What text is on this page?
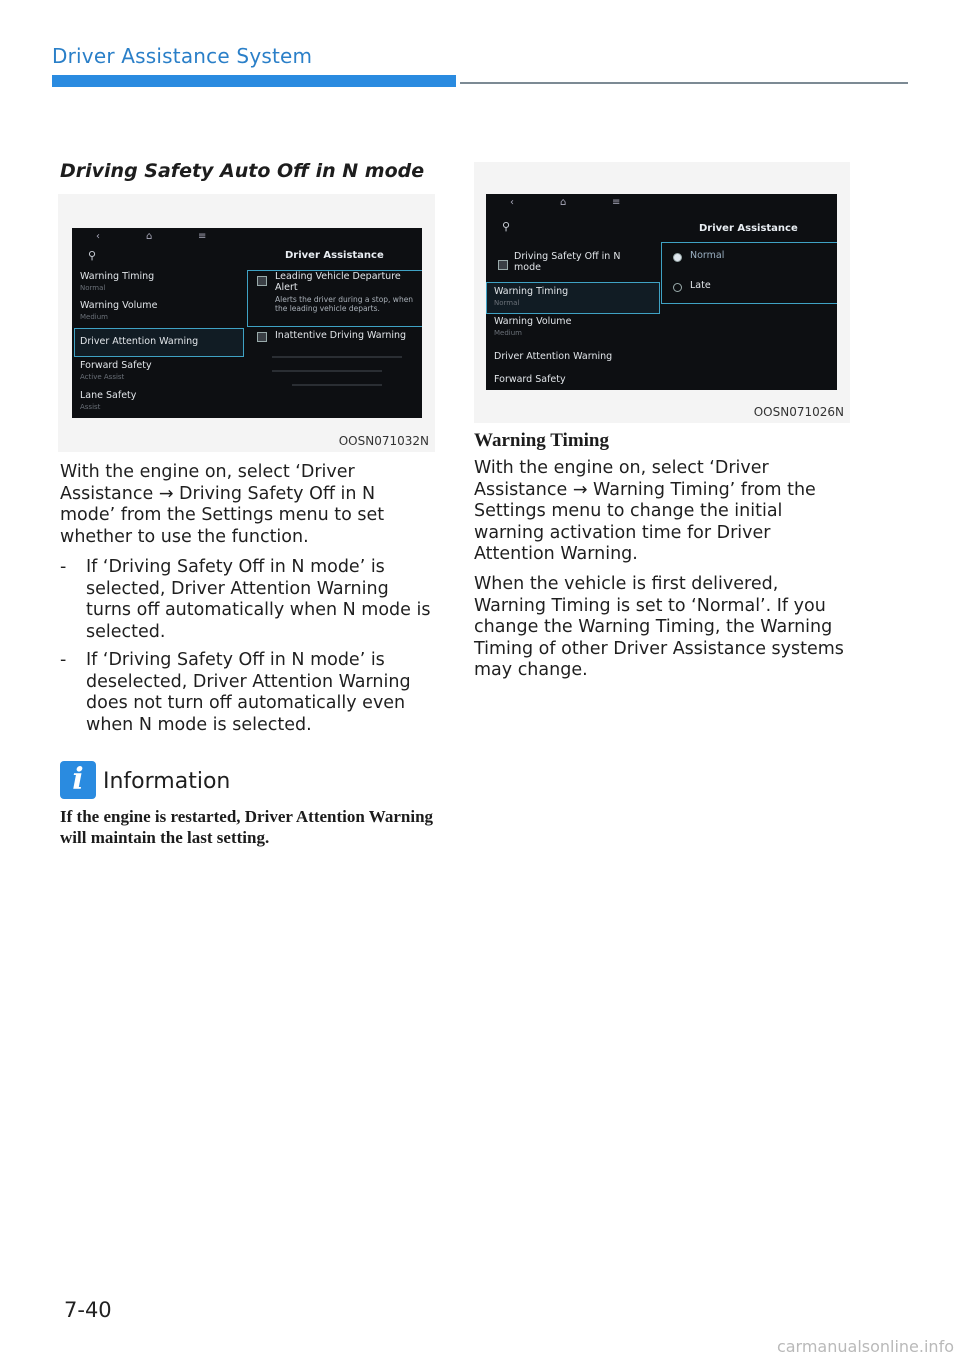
Driver Assistance System
Driving Safety Auto Off in N mode
‹	⌂	≡
Driver Assistance
⚲
Warning Timing
Normal
Warning Volume
Medium
Driver Attention Warning
Forward Safety
Active Assist
Lane Safety
Assist
Leading Vehicle Departure Alert
Alerts the driver during a stop, when the leading vehicle departs.
Inattentive Driving Warning
OOSN071032N
With the engine on, select ‘Driver Assistance → Driving Safety Off in N mode’ from the Settings menu to set whether to use the function.
- If ‘Driving Safety Off in N mode’ is selected, Driver Attention Warning turns off automatically when N mode is selected.
- If ‘Driving Safety Off in N mode’ is deselected, Driver Attention Warning does not turn off automatically even when N mode is selected.
i Information
If the engine is restarted, Driver Attention Warning will maintain the last setting.
‹	⌂	≡
Driver Assistance
⚲
Driving Safety Off in N mode
Warning Timing
Normal
Warning Volume
Medium
Driver Attention Warning
Forward Safety
Normal
Late
OOSN071026N
Warning Timing
With the engine on, select ‘Driver Assistance → Warning Timing’ from the Settings menu to change the initial warning activation time for Driver Attention Warning.
When the vehicle is first delivered, Warning Timing is set to ‘Normal’. If you change the Warning Timing, the Warning Timing of other Driver Assistance systems may change.
7-40
carmanualsonline.info
